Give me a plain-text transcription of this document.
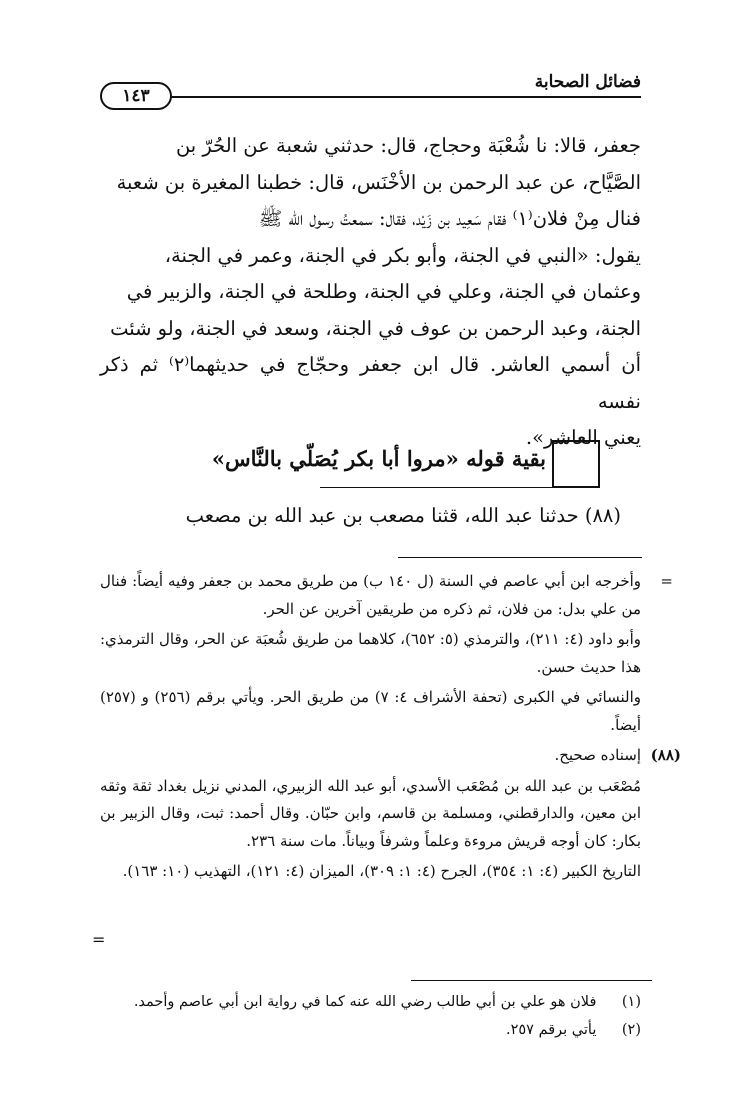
فضائل الصحابة
١٤٣

جعفر، قالا: نا شُعْبَة وحجاج، قال: حدثني شعبة عن الحُرّ بن

الصَّيَّاح، عن عبد الرحمن بن الأخْنَس، قال: خطبنا المغيرة بن شعبة

فنال مِنْ فلان⁽١⁾ فقام سَعِيد بن زَيْد، فقال: سمعتُ رسول الله ﷺ

يقول: «النبي في الجنة، وأبو بكر في الجنة، وعمر في الجنة،

وعثمان في الجنة، وعلي في الجنة، وطلحة في الجنة، والزبير في

الجنة، وعبد الرحمن بن عوف في الجنة، وسعد في الجنة، ولو شئت

أن أسمي العاشر. قال ابن جعفر وحجّاج في حديثهما⁽٢⁾ ثم ذكر نفسه

يعني العاشر».

بقية قوله «مروا أبا بكر يُصَلّي بالنَّاس»
(٨٨) حدثنا عبد الله، قثنا مصعب بن عبد الله بن مصعب
=

وأخرجه ابن أبي عاصم في السنة (ل ١٤٠ ب) من طريق محمد بن جعفر وفيه أيضاً: فنال من علي بدل: من فلان، ثم ذكره من طريقين آخرين عن الحر.

وأبو داود (٤: ٢١١)، والترمذي (٥: ٦٥٢)، كلاهما من طريق شُعبَة عن الحر، وقال الترمذي: هذا حديث حسن.

والنسائي في الكبرى (تحفة الأشراف ٤: ٧) من طريق الحر. ويأتي برقم (٢٥٦) و (٢٥٧) أيضاً.

(٨٨)

إسناده صحيح.

مُصْعَب بن عبد الله بن مُصْعَب الأسدي، أبو عبد الله الزبيري، المدني نزيل بغداد ثقة وثقه ابن معين، والدارقطني، ومسلمة بن قاسم، وابن حبّان. وقال أحمد: ثبت، وقال الزبير بن بكار: كان أوجه قريش مروءة وعلماً وشرفاً وبياناً. مات سنة ٢٣٦.

التاريخ الكبير (٤: ١: ٣٥٤)، الجرح (٤: ١: ٣٠٩)، الميزان (٤: ١٢١)، التهذيب (١٠: ١٦٣).

=

(١) فلان هو علي بن أبي طالب رضي الله عنه كما في رواية ابن أبي عاصم وأحمد.

(٢) يأتي برقم ٢٥٧.
